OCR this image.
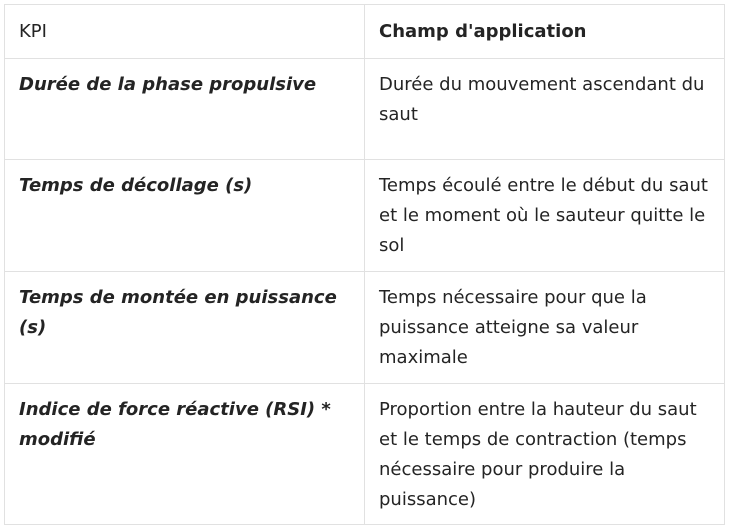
KPI	Champ d'application
Durée de la phase propulsive	Durée du mouvement ascendant du saut
Temps de décollage (s)	Temps écoulé entre le début du saut et le moment où le sauteur quitte le sol
Temps de montée en puissance (s)	Temps nécessaire pour que la puissance atteigne sa valeur maximale
Indice de force réactive (RSI) * modifié	Proportion entre la hauteur du saut et le temps de contraction (temps nécessaire pour produire la puissance)
